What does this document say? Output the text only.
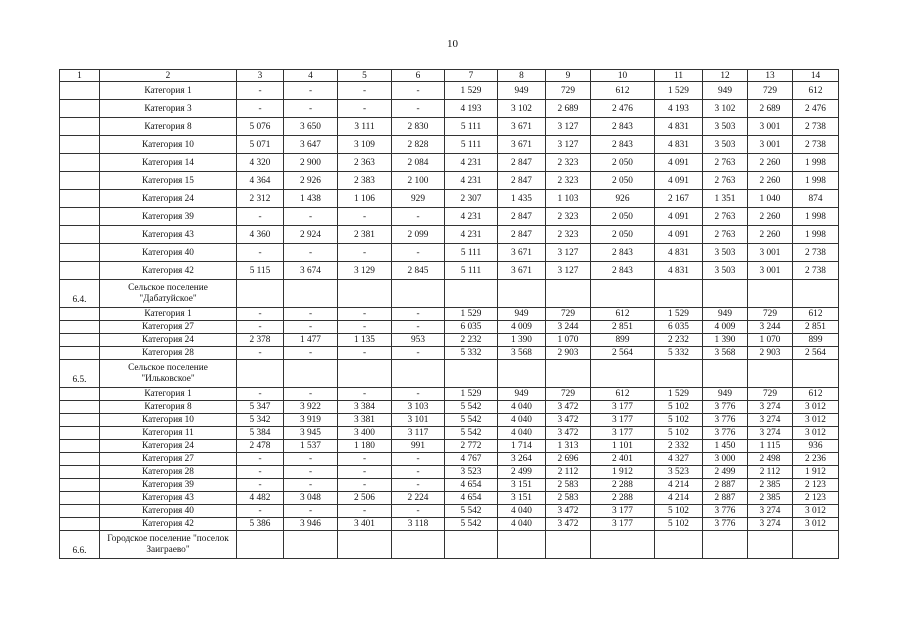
10
1	2	3	4	5	6	7	8	9	10	11	12	13	14
	Категория 1	-	-	-	-	1 529	949	729	612	1 529	949	729	612
	Категория 3	-	-	-	-	4 193	3 102	2 689	2 476	4 193	3 102	2 689	2 476
	Категория 8	5 076	3 650	3 111	2 830	5 111	3 671	3 127	2 843	4 831	3 503	3 001	2 738
	Категория 10	5 071	3 647	3 109	2 828	5 111	3 671	3 127	2 843	4 831	3 503	3 001	2 738
	Категория 14	4 320	2 900	2 363	2 084	4 231	2 847	2 323	2 050	4 091	2 763	2 260	1 998
	Категория 15	4 364	2 926	2 383	2 100	4 231	2 847	2 323	2 050	4 091	2 763	2 260	1 998
	Категория 24	2 312	1 438	1 106	929	2 307	1 435	1 103	926	2 167	1 351	1 040	874
	Категория 39	-	-	-	-	4 231	2 847	2 323	2 050	4 091	2 763	2 260	1 998
	Категория 43	4 360	2 924	2 381	2 099	4 231	2 847	2 323	2 050	4 091	2 763	2 260	1 998
	Категория 40	-	-	-	-	5 111	3 671	3 127	2 843	4 831	3 503	3 001	2 738
	Категория 42	5 115	3 674	3 129	2 845	5 111	3 671	3 127	2 843	4 831	3 503	3 001	2 738
6.4.	Сельское поселение "Дабатуйское"												
	Категория 1	-	-	-	-	1 529	949	729	612	1 529	949	729	612
	Категория 27	-	-	-	-	6 035	4 009	3 244	2 851	6 035	4 009	3 244	2 851
	Категория 24	2 378	1 477	1 135	953	2 232	1 390	1 070	899	2 232	1 390	1 070	899
	Категория 28	-	-	-	-	5 332	3 568	2 903	2 564	5 332	3 568	2 903	2 564
6.5.	Сельское поселение "Ильковское"												
	Категория 1	-	-	-	-	1 529	949	729	612	1 529	949	729	612
	Категория 8	5 347	3 922	3 384	3 103	5 542	4 040	3 472	3 177	5 102	3 776	3 274	3 012
	Категория 10	5 342	3 919	3 381	3 101	5 542	4 040	3 472	3 177	5 102	3 776	3 274	3 012
	Категория 11	5 384	3 945	3 400	3 117	5 542	4 040	3 472	3 177	5 102	3 776	3 274	3 012
	Категория 24	2 478	1 537	1 180	991	2 772	1 714	1 313	1 101	2 332	1 450	1 115	936
	Категория 27	-	-	-	-	4 767	3 264	2 696	2 401	4 327	3 000	2 498	2 236
	Категория 28	-	-	-	-	3 523	2 499	2 112	1 912	3 523	2 499	2 112	1 912
	Категория 39	-	-	-	-	4 654	3 151	2 583	2 288	4 214	2 887	2 385	2 123
	Категория 43	4 482	3 048	2 506	2 224	4 654	3 151	2 583	2 288	4 214	2 887	2 385	2 123
	Категория 40	-	-	-	-	5 542	4 040	3 472	3 177	5 102	3 776	3 274	3 012
	Категория 42	5 386	3 946	3 401	3 118	5 542	4 040	3 472	3 177	5 102	3 776	3 274	3 012
6.6.	Городское поселение "поселок Заиграево"												
